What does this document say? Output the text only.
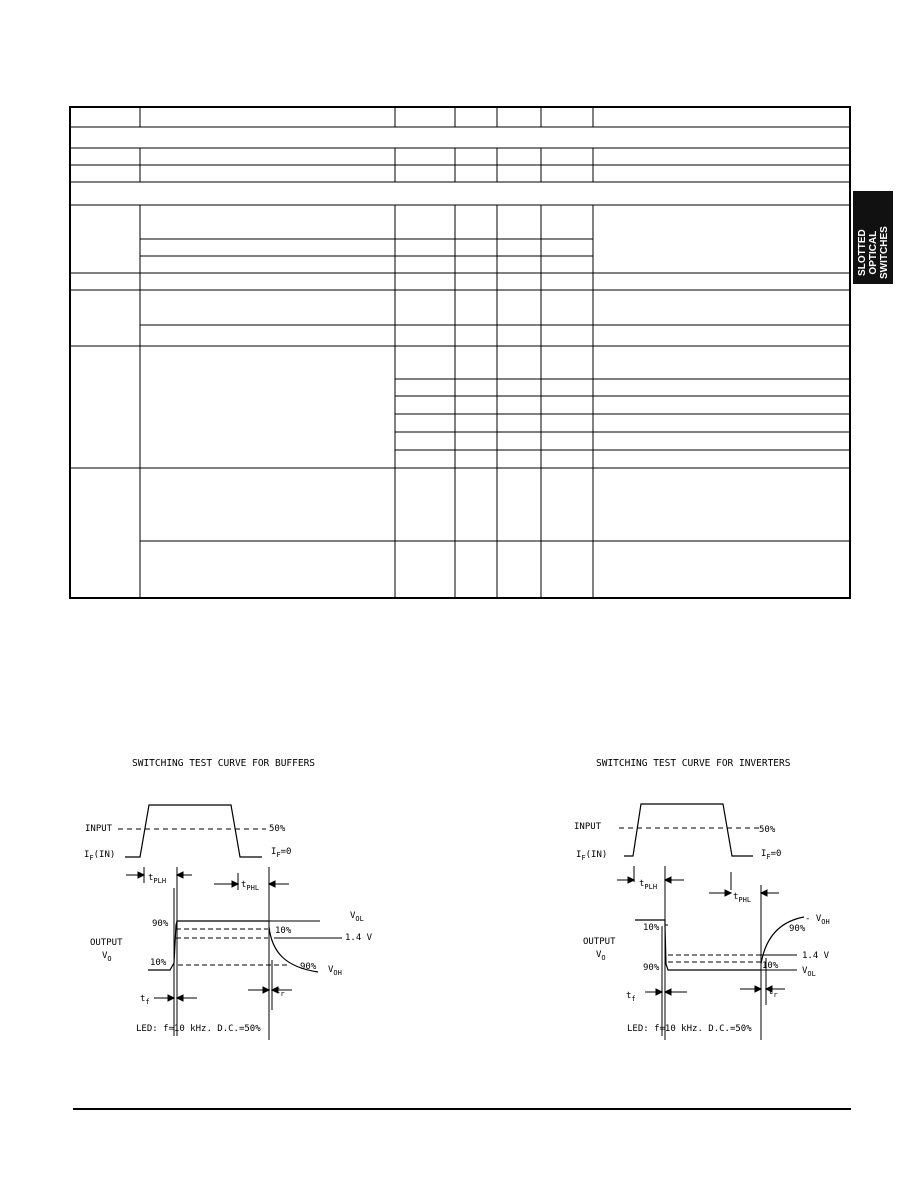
SLOTTED OPTICAL SWITCHES
SWITCHING TEST CURVE FOR BUFFERS
INPUT
$I_F(IN)$
50%
$I_F=0$
$t_{PLH}$	$t_{PHL}$
90%
10%
OUTPUT
$V_O$	10%	90%
$V_{OL}$
1.4 V
$V_{OH}$
$t_f$
$t_r$
LED: f=10 kHz. D.C.=50%
SWITCHING TEST CURVE FOR INVERTERS
INPUT
$I_F(IN)$
50%
$I_F=0$
$t_{PLH}$
$t_{PHL}$
10%
OUTPUT
$V_O$
90%
90%
10%
- $V_{OH}$
1.4 V
$V_{OL}$
$t_f$
$t_r$
LED: f=10 kHz. D.C.=50%
